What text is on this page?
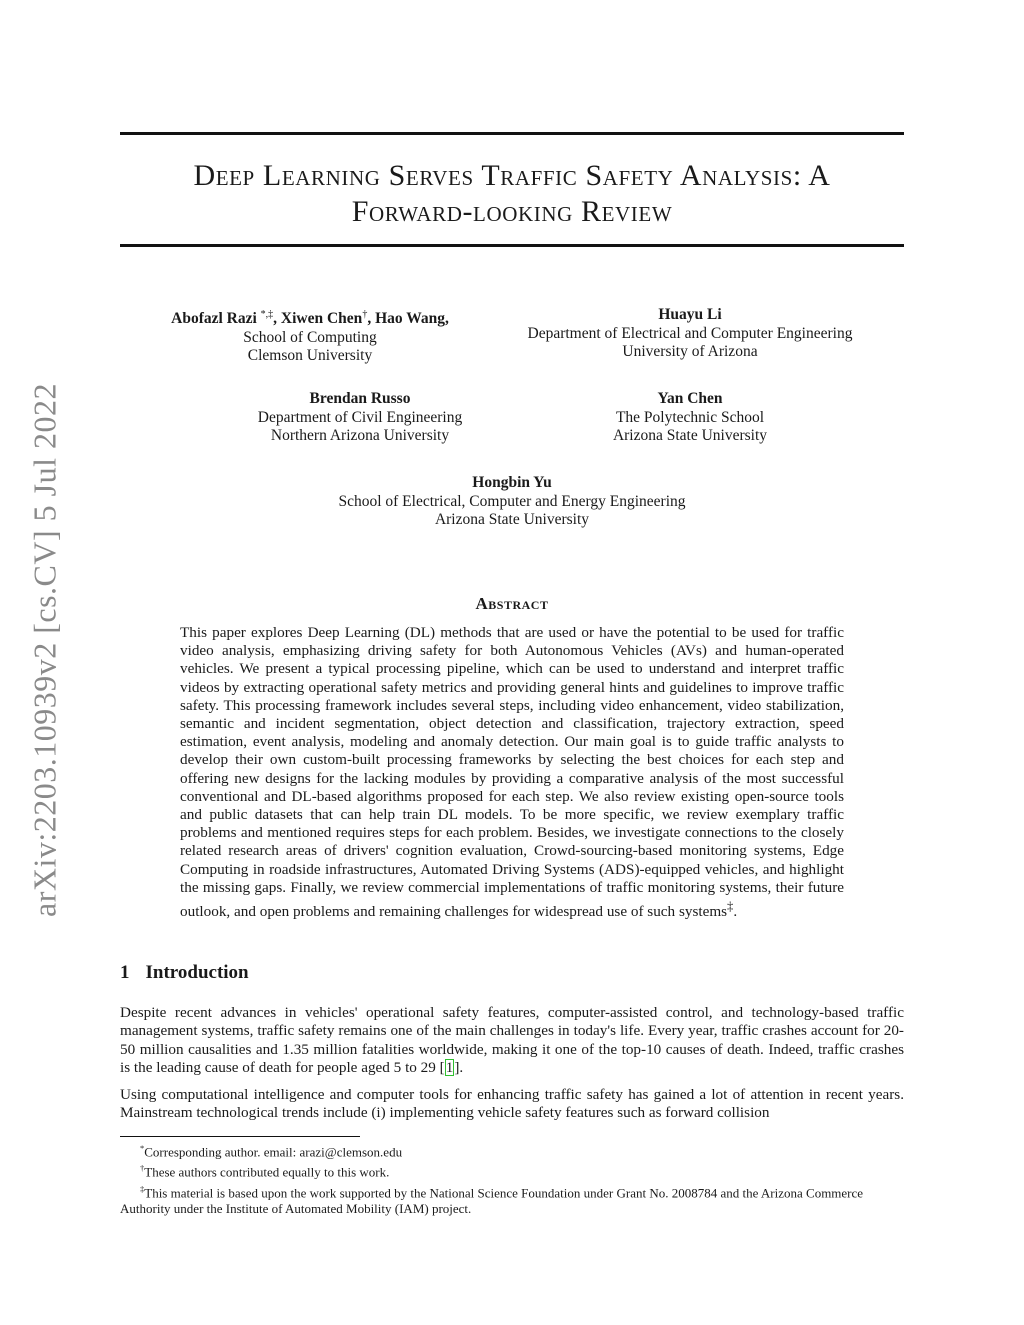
arXiv:2203.10939v2 [cs.CV] 5 Jul 2022
Deep Learning Serves Traffic Safety Analysis: A
Forward-looking Review
Abofazl Razi *,‡, Xiwen Chen†, Hao Wang,
School of Computing
Clemson University
Huayu Li
Department of Electrical and Computer Engineering
University of Arizona
Brendan Russo
Department of Civil Engineering
Northern Arizona University
Yan Chen
The Polytechnic School
Arizona State University
Hongbin Yu
School of Electrical, Computer and Energy Engineering
Arizona State University
Abstract
This paper explores Deep Learning (DL) methods that are used or have the potential to be used for traffic video analysis, emphasizing driving safety for both Autonomous Vehicles (AVs) and human-operated vehicles. We present a typical processing pipeline, which can be used to understand and interpret traffic videos by extracting operational safety metrics and providing general hints and guidelines to improve traffic safety. This processing framework includes several steps, including video enhancement, video stabilization, semantic and incident segmentation, object detection and classification, trajectory extraction, speed estimation, event analysis, modeling and anomaly detection. Our main goal is to guide traffic analysts to develop their own custom-built processing frameworks by selecting the best choices for each step and offering new designs for the lacking modules by providing a comparative analysis of the most successful conventional and DL-based algorithms proposed for each step. We also review existing open-source tools and public datasets that can help train DL models. To be more specific, we review exemplary traffic problems and mentioned requires steps for each problem. Besides, we investigate connections to the closely related research areas of drivers' cognition evaluation, Crowd-sourcing-based monitoring systems, Edge Computing in roadside infrastructures, Automated Driving Systems (ADS)-equipped vehicles, and highlight the missing gaps. Finally, we review commercial implementations of traffic monitoring systems, their future outlook, and open problems and remaining challenges for widespread use of such systems‡.
1 Introduction
Despite recent advances in vehicles' operational safety features, computer-assisted control, and technology-based traffic management systems, traffic safety remains one of the main challenges in today's life. Every year, traffic crashes account for 20-50 million causalities and 1.35 million fatalities worldwide, making it one of the top-10 causes of death. Indeed, traffic crashes is the leading cause of death for people aged 5 to 29 [1].
Using computational intelligence and computer tools for enhancing traffic safety has gained a lot of attention in recent years. Mainstream technological trends include (i) implementing vehicle safety features such as forward collision
*Corresponding author. email: arazi@clemson.edu
†These authors contributed equally to this work.
‡This material is based upon the work supported by the National Science Foundation under Grant No. 2008784 and the Arizona Commerce Authority under the Institute of Automated Mobility (IAM) project.
